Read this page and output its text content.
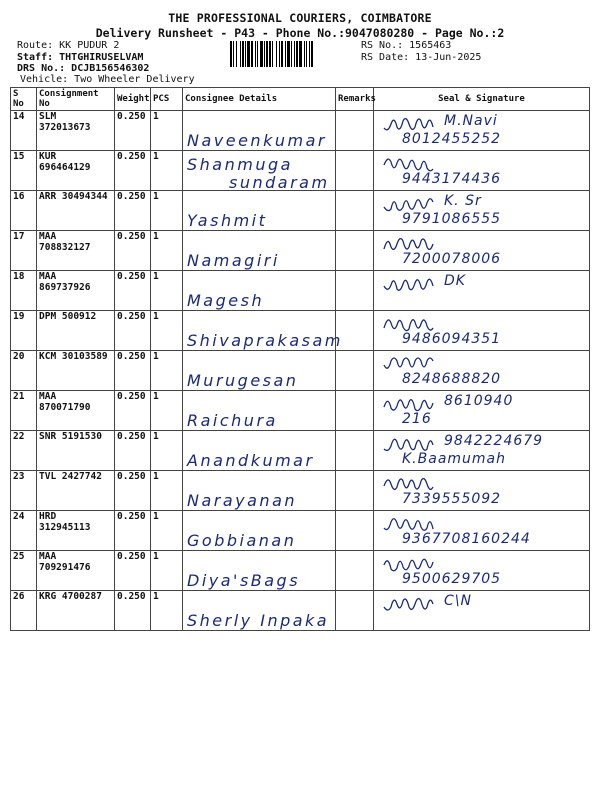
THE PROFESSIONAL COURIERS, COIMBATORE
Delivery Runsheet - P43 - Phone No.:9047080280 - Page No.:2
Route: KK PUDUR 2
Staff: THTGHIRUSELVAM
DRS No.: DCJB156546302
Vehicle: Two Wheeler Delivery
RS No.: 1565463
RS Date: 13-Jun-2025
S No	Consignment No	Weight	PCS	Consignee Details	Remarks	Seal & Signature
14	SLM 372013673	0.250	1	Naveenkumar		M.Navi
8012455252

15	KUR 696464129	0.250	1	Shanmuga
sundaram		9443174436

16	ARR 30494344	0.250	1	Yashmit		K. Sr
9791086555

17	MAA 708832127	0.250	1	Namagiri		7200078006

18	MAA 869737926	0.250	1	Magesh		DK

19	DPM 500912	0.250	1	Shivaprakasam		9486094351

20	KCM 30103589	0.250	1	Murugesan		8248688820

21	MAA 870071790	0.250	1	Raichura		8610940
216

22	SNR 5191530	0.250	1	Anandkumar		9842224679
K.Baamumah

23	TVL 2427742	0.250	1	Narayanan		7339555092

24	HRD 312945113	0.250	1	Gobbianan		9367708160244

25	MAA 709291476	0.250	1	Diya'sBags		9500629705

26	KRG 4700287	0.250	1	Sherly Inpaka		C\N
